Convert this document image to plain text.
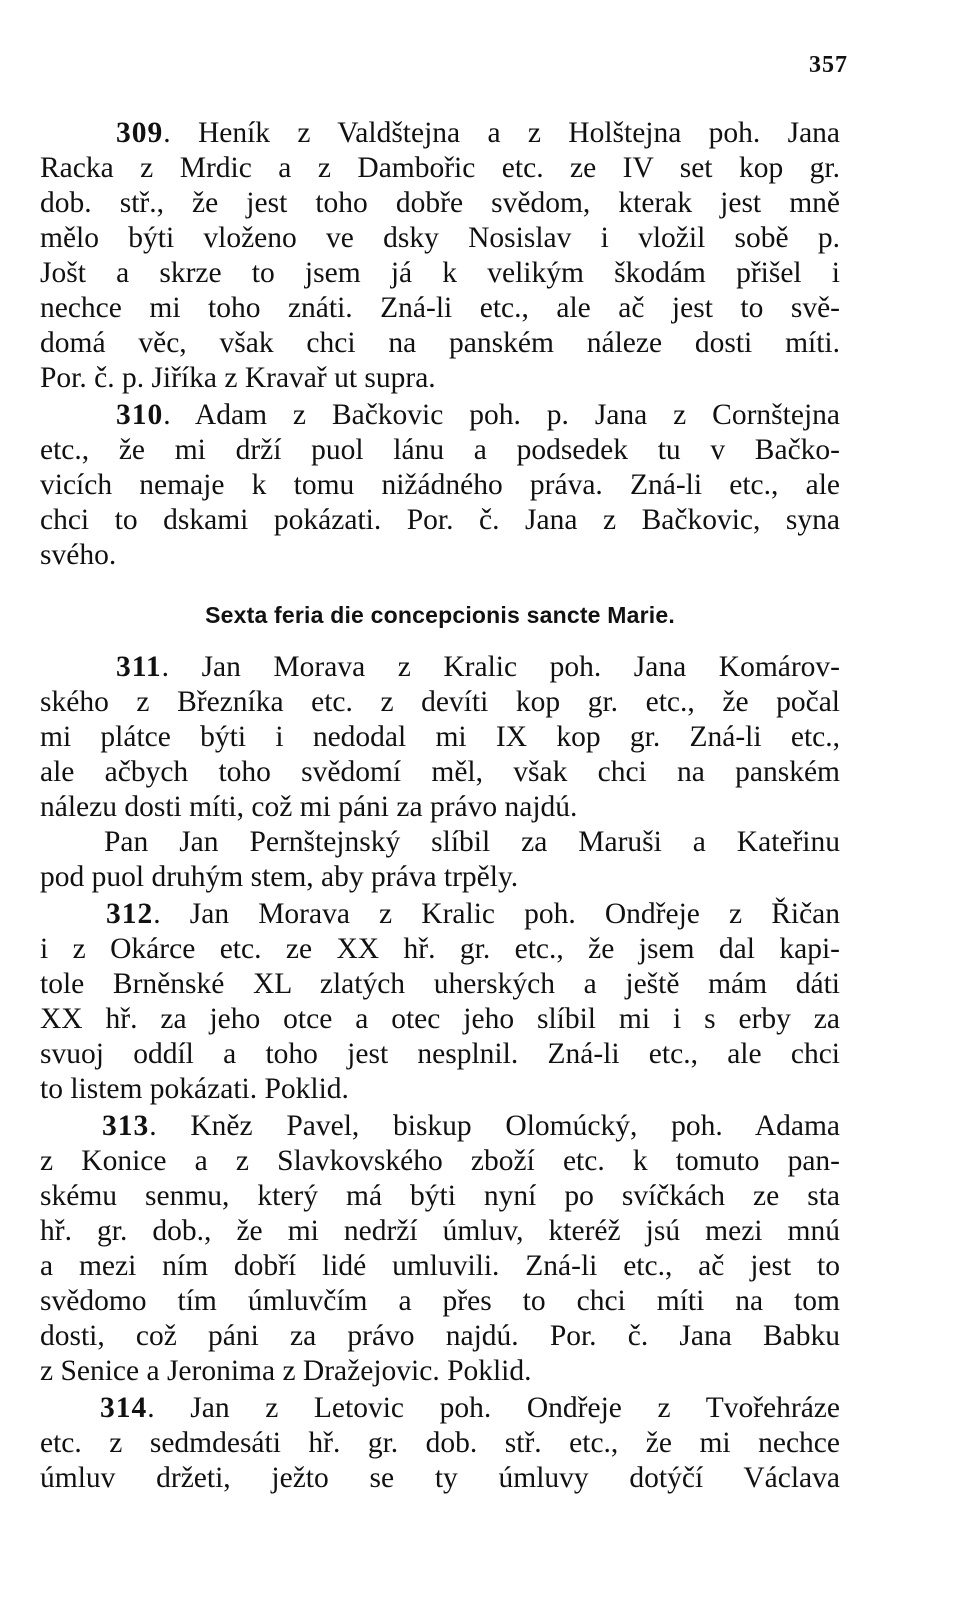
357
309. Heník z Valdštejna a z Holštejna poh. Jana
Racka z Mrdic a z Dambořic etc. ze IV set kop gr.
dob. stř., že jest toho dobře svědom, kterak jest mně
mělo býti vloženo ve dsky Nosislav i vložil sobě p.
Jošt a skrze to jsem já k velikým škodám přišel i
nechce mi toho znáti. Zná-li etc., ale ač jest to svě-
domá věc, však chci na panském náleze dosti míti.
Por. č. p. Jiříka z Kravař ut supra.
310. Adam z Bačkovic poh. p. Jana z Cornštejna
etc., že mi drží puol lánu a podsedek tu v Bačko-
vicích nemaje k tomu nižádného práva. Zná-li etc., ale
chci to dskami pokázati. Por. č. Jana z Bačkovic, syna
svého.
Sexta feria die concepcionis sancte Marie.
311. Jan Morava z Kralic poh. Jana Komárov-
ského z Březníka etc. z devíti kop gr. etc., že počal
mi plátce býti i nedodal mi IX kop gr. Zná-li etc.,
ale ačbych toho svědomí měl, však chci na panském
nálezu dosti míti, což mi páni za právo najdú.
Pan Jan Pernštejnský slíbil za Maruši a Kateřinu
pod puol druhým stem, aby práva trpěly.
312. Jan Morava z Kralic poh. Ondřeje z Řičan
i z Okárce etc. ze XX hř. gr. etc., že jsem dal kapi-
tole Brněnské XL zlatých uherských a ještě mám dáti
XX hř. za jeho otce a otec jeho slíbil mi i s erby za
svuoj oddíl a toho jest nesplnil. Zná-li etc., ale chci
to listem pokázati. Poklid.
313. Kněz Pavel, biskup Olomúcký, poh. Adama
z Konice a z Slavkovského zboží etc. k tomuto pan-
skému senmu, který má býti nyní po svíčkách ze sta
hř. gr. dob., že mi nedrží úmluv, kteréž jsú mezi mnú
a mezi ním dobří lidé umluvili. Zná-li etc., ač jest to
svědomo tím úmluvčím a přes to chci míti na tom
dosti, což páni za právo najdú. Por. č. Jana Babku
z Senice a Jeronima z Dražejovic. Poklid.
314. Jan z Letovic poh. Ondřeje z Tvořehráze
etc. z sedmdesáti hř. gr. dob. stř. etc., že mi nechce
úmluv držeti, ježto se ty úmluvy dotýčí Václava
